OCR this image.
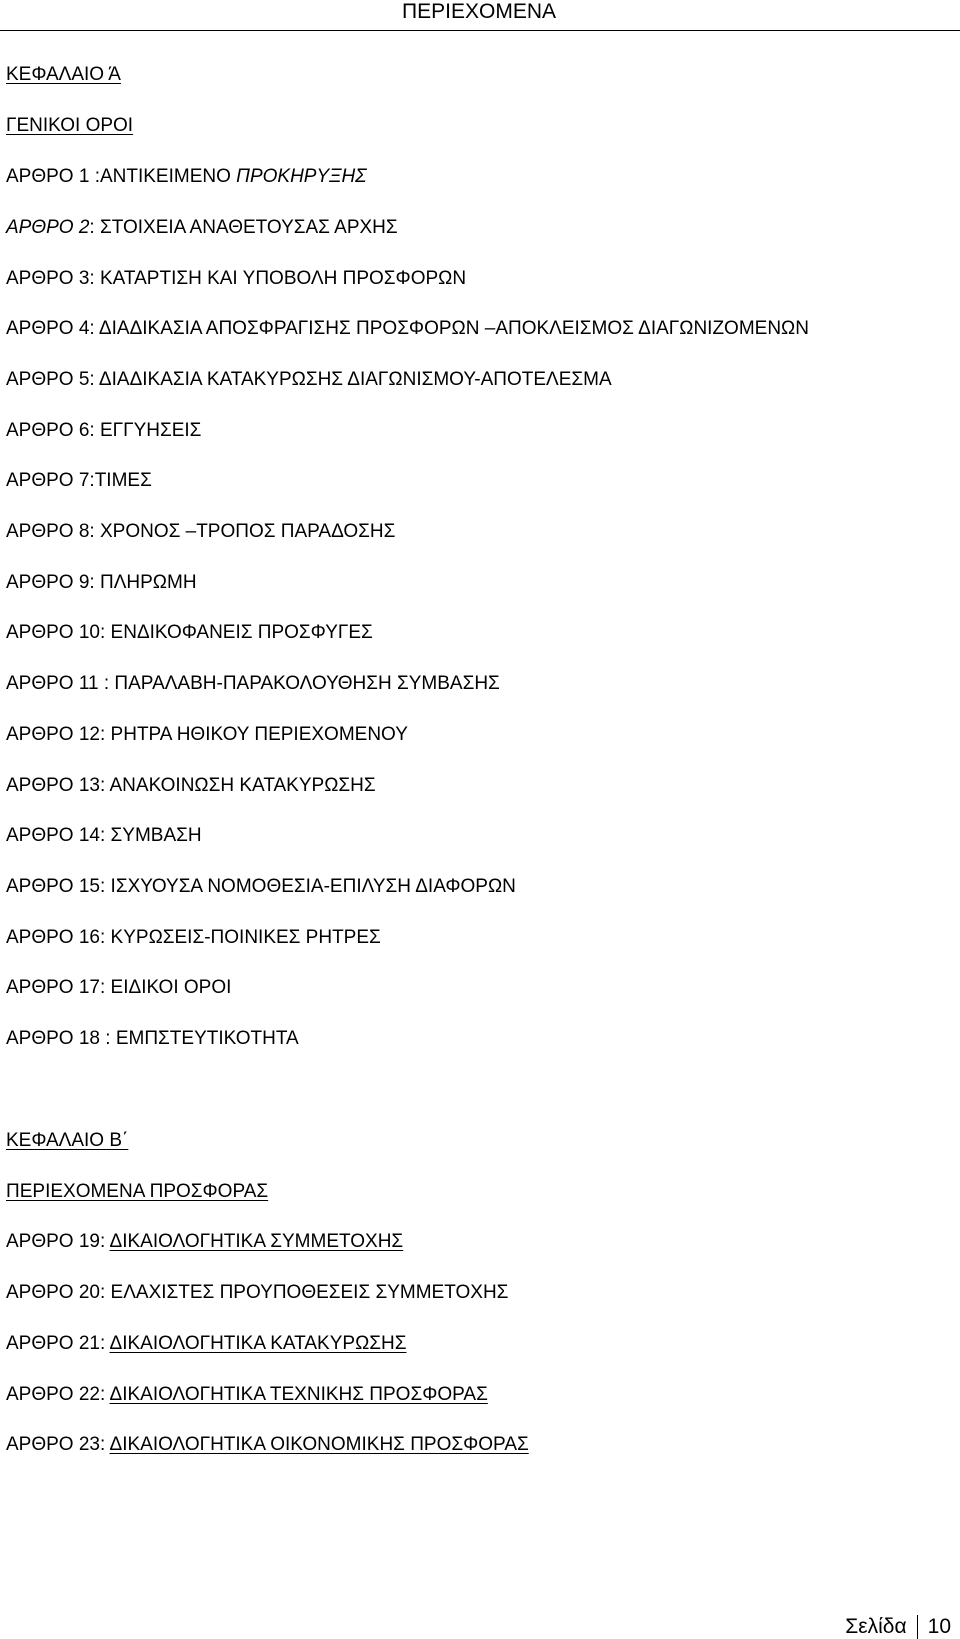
ΠΕΡΙΕΧΟΜΕΝΑ
ΚΕΦΑΛΑΙΟ Ά
ΓΕΝΙΚΟΙ ΟΡΟΙ
ΑΡΘΡΟ 1 :ΑΝΤΙΚΕΙΜΕΝΟ ΠΡΟΚΗΡΥΞΗΣ
ΑΡΘΡΟ 2: ΣΤΟΙΧΕΙΑ ΑΝΑΘΕΤΟΥΣΑΣ ΑΡΧΗΣ
ΑΡΘΡΟ 3: ΚΑΤΑΡΤΙΣΗ ΚΑΙ ΥΠΟΒΟΛΗ ΠΡΟΣΦΟΡΩΝ
ΑΡΘΡΟ 4: ΔΙΑΔΙΚΑΣΙΑ ΑΠΟΣΦΡΑΓΙΣΗΣ ΠΡΟΣΦΟΡΩΝ –ΑΠΟΚΛΕΙΣΜΟΣ ΔΙΑΓΩΝΙΖΟΜΕΝΩΝ
ΑΡΘΡΟ 5: ΔΙΑΔΙΚΑΣΙΑ ΚΑΤΑΚΥΡΩΣΗΣ ΔΙΑΓΩΝΙΣΜΟΥ-ΑΠΟΤΕΛΕΣΜΑ
ΑΡΘΡΟ 6: ΕΓΓΥΗΣΕΙΣ
ΑΡΘΡΟ 7:ΤΙΜΕΣ
ΑΡΘΡΟ 8: ΧΡΟΝΟΣ –ΤΡΟΠΟΣ ΠΑΡΑΔΟΣΗΣ
ΑΡΘΡΟ 9: ΠΛΗΡΩΜΗ
ΑΡΘΡΟ 10: ΕΝΔΙΚΟΦΑΝΕΙΣ ΠΡΟΣΦΥΓΕΣ
ΑΡΘΡΟ 11 : ΠΑΡΑΛΑΒΗ-ΠΑΡΑΚΟΛΟΥΘΗΣΗ ΣΥΜΒΑΣΗΣ
ΑΡΘΡΟ 12: ΡΗΤΡΑ ΗΘΙΚΟΥ ΠΕΡΙΕΧΟΜΕΝΟΥ
ΑΡΘΡΟ 13: ΑΝΑΚΟΙΝΩΣΗ ΚΑΤΑΚΥΡΩΣΗΣ
ΑΡΘΡΟ 14: ΣΥΜΒΑΣΗ
ΑΡΘΡΟ 15: ΙΣΧΥΟΥΣΑ ΝΟΜΟΘΕΣΙΑ-ΕΠΙΛΥΣΗ ΔΙΑΦΟΡΩΝ
ΑΡΘΡΟ 16: ΚΥΡΩΣΕΙΣ-ΠΟΙΝΙΚΕΣ ΡΗΤΡΕΣ
ΑΡΘΡΟ 17: ΕΙΔΙΚΟΙ ΟΡΟΙ
ΑΡΘΡΟ 18 : ΕΜΠΣΤΕΥΤΙΚΟΤΗΤΑ
ΚΕΦΑΛΑΙΟ Β΄
ΠΕΡΙΕΧΟΜΕΝΑ ΠΡΟΣΦΟΡΑΣ
ΑΡΘΡΟ 19: ΔΙΚΑΙΟΛΟΓΗΤΙΚΑ ΣΥΜΜΕΤΟΧΗΣ
ΑΡΘΡΟ 20: ΕΛΑΧΙΣΤΕΣ ΠΡΟΥΠΟΘΕΣΕΙΣ ΣΥΜΜΕΤΟΧΗΣ
ΑΡΘΡΟ 21: ΔΙΚΑΙΟΛΟΓΗΤΙΚΑ ΚΑΤΑΚΥΡΩΣΗΣ
ΑΡΘΡΟ 22: ΔΙΚΑΙΟΛΟΓΗΤΙΚΑ ΤΕΧΝΙΚΗΣ ΠΡΟΣΦΟΡΑΣ
ΑΡΘΡΟ 23: ΔΙΚΑΙΟΛΟΓΗΤΙΚΑ ΟΙΚΟΝΟΜΙΚΗΣ ΠΡΟΣΦΟΡΑΣ
Σελίδα 10
